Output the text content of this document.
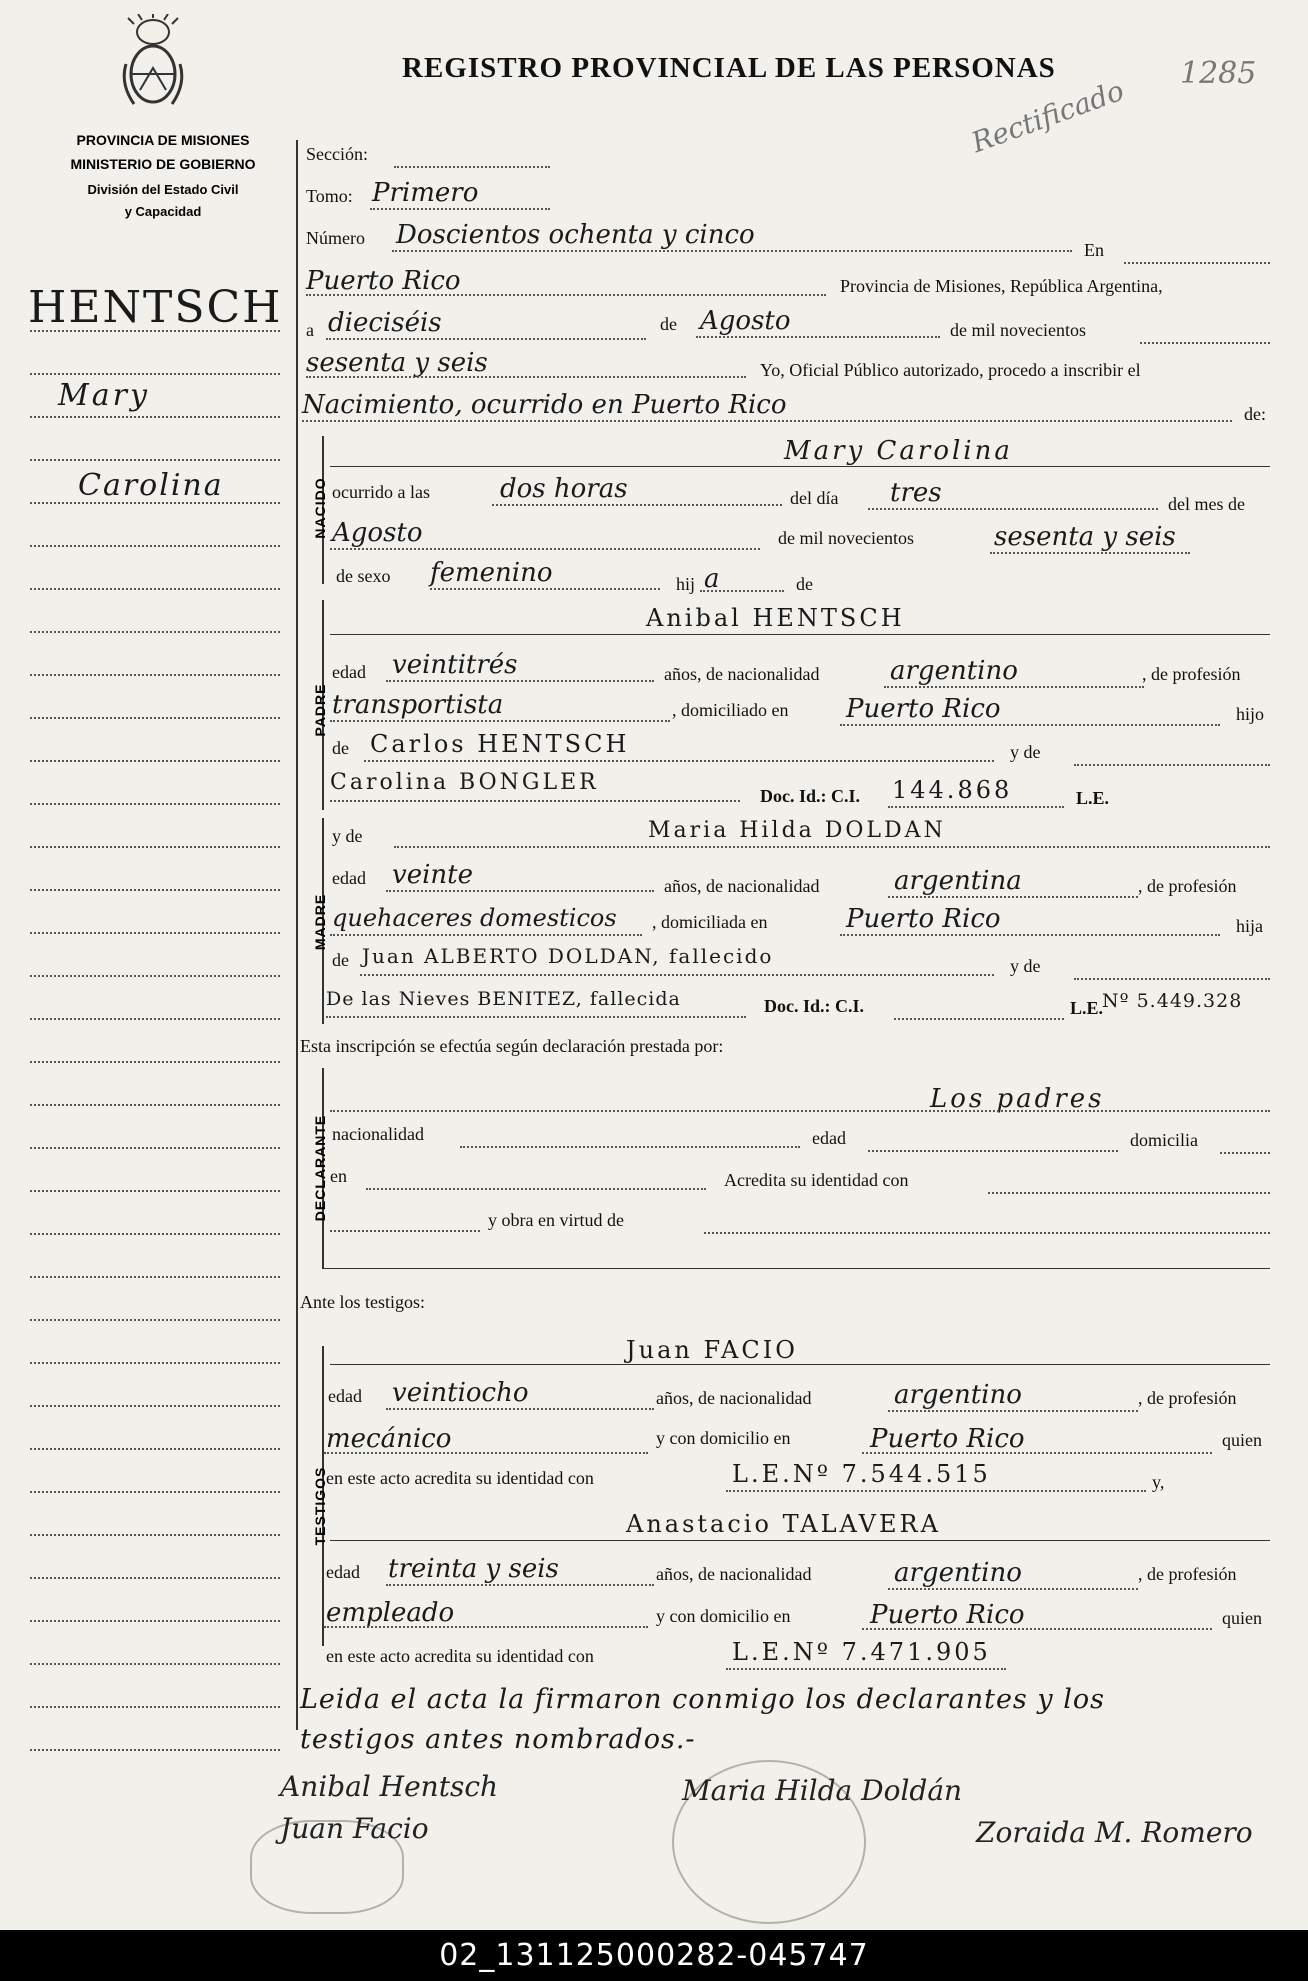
PROVINCIA DE MISIONES
MINISTERIO DE GOBIERNO
División del Estado Civil
y Capacidad
REGISTRO PROVINCIAL DE LAS PERSONAS	1285
Rectificado
HENTSCH
Mary
Carolina
Sección:
Tomo: Primero
Número Doscientos ochenta y cinco	En
Puerto Rico	Provincia de Misiones, República Argentina,
a dieciséis	de Agosto	de mil novecientos
sesenta y seis	Yo, Oficial Público autorizado, procedo a inscribir el
Nacimiento, ocurrido en Puerto Rico	de:
NACIDO
Mary Carolina
ocurrido a las	dos horas	del día tres	del mes de
Agosto	de mil novecientos	sesenta y seis
de sexo femenino	hij a	de
PADRE
Anibal HENTSCH
edad veintitrés	años, de nacionalidad	argentino	, de profesión
transportista	, domiciliado en Puerto Rico	hijo
de Carlos HENTSCH	y de
Carolina BONGLER
Doc. Id.: C.I. 144.868	L.E.
MADRE
y de	Maria Hilda DOLDAN
edad veinte	años, de nacionalidad	argentina	, de profesión
quehaceres domesticos , domiciliada en	Puerto Rico	hija
de Juan ALBERTO DOLDAN, fallecido	y de
De las Nieves BENITEZ, fallecida	Doc. Id.: C.I.	L.E.
Nº 5.449.328
Esta inscripción se efectúa según declaración prestada por:
DECLARANTE
Los padres
nacionalidad	edad	domicilia
en	Acredita su identidad con
y obra en virtud de
Ante los testigos:
TESTIGOS
Juan FACIO
edad veintiocho	años, de nacionalidad	argentino	, de profesión
mecánico	y con domicilio en	Puerto Rico	quien
en este acto acredita su identidad con	L.E.Nº 7.544.515	y,
Anastacio TALAVERA
edad treinta y seis	años, de nacionalidad	argentino	, de profesión
empleado	y con domicilio en	Puerto Rico	quien
en este acto acredita su identidad con	L.E.Nº 7.471.905
Leida el acta la firmaron conmigo los declarantes y los
testigos antes nombrados.-
Anibal Hentsch	Maria Hilda Doldán
Juan Facio	Zoraida M. Romero
02_131125000282-045747
